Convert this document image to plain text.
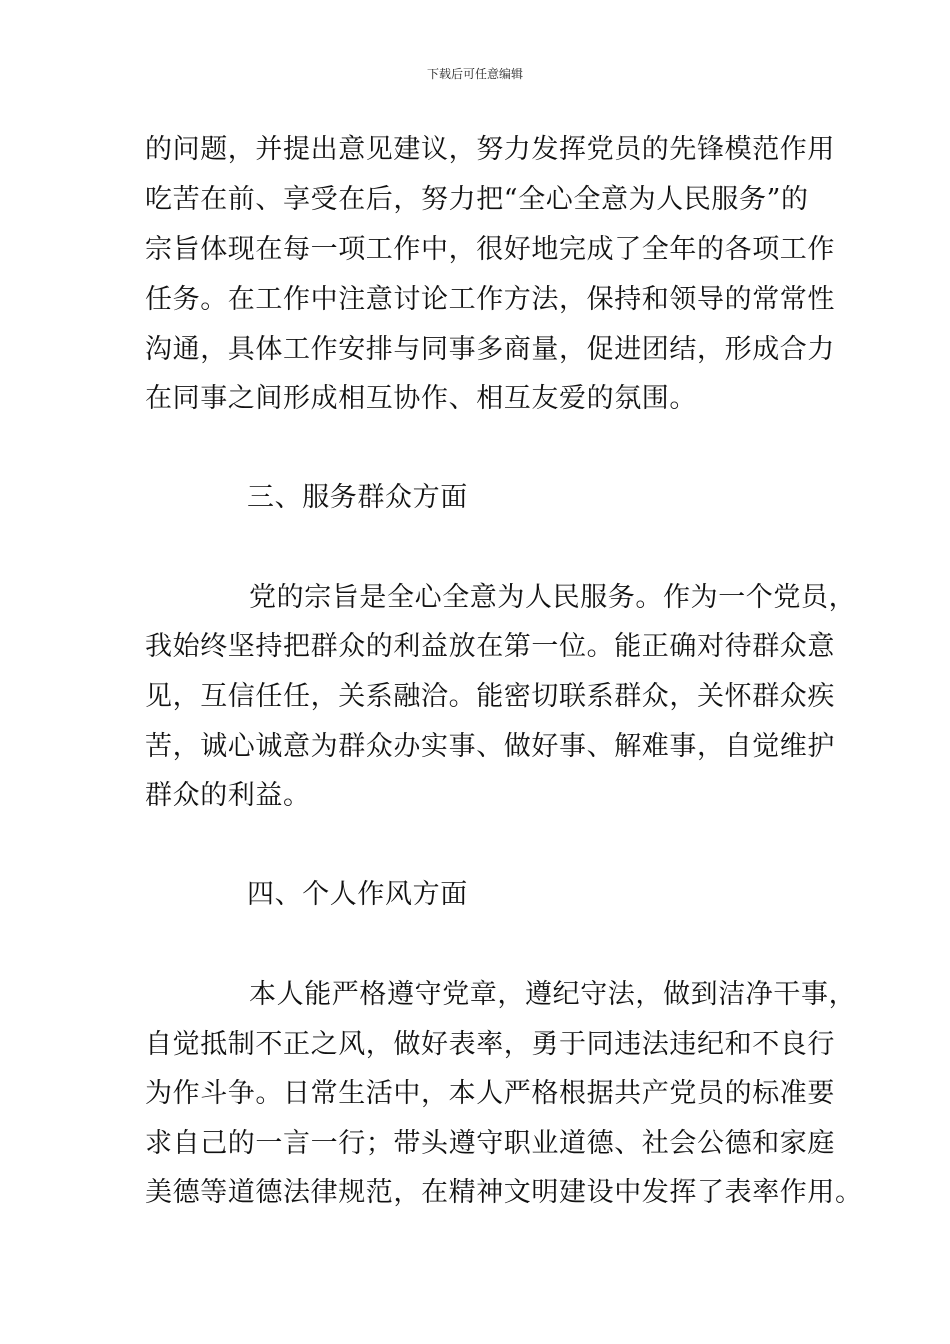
下载后可任意编辑
的问题，并提出意见建议，努力发挥党员的先锋模范作用
吃苦在前、享受在后，努力把“全心全意为人民服务”的
宗旨体现在每一项工作中，很好地完成了全年的各项工作
任务。在工作中注意讨论工作方法，保持和领导的常常性
沟通，具体工作安排与同事多商量，促进团结，形成合力
在同事之间形成相互协作、相互友爱的氛围。
三、服务群众方面
党的宗旨是全心全意为人民服务。作为一个党员，
我始终坚持把群众的利益放在第一位。能正确对待群众意
见，互信任任，关系融洽。能密切联系群众，关怀群众疾
苦，诚心诚意为群众办实事、做好事、解难事，自觉维护
群众的利益。
四、个人作风方面
本人能严格遵守党章，遵纪守法，做到洁净干事，
自觉抵制不正之风，做好表率，勇于同违法违纪和不良行
为作斗争。日常生活中，本人严格根据共产党员的标准要
求自己的一言一行；带头遵守职业道德、社会公德和家庭
美德等道德法律规范，在精神文明建设中发挥了表率作用。
